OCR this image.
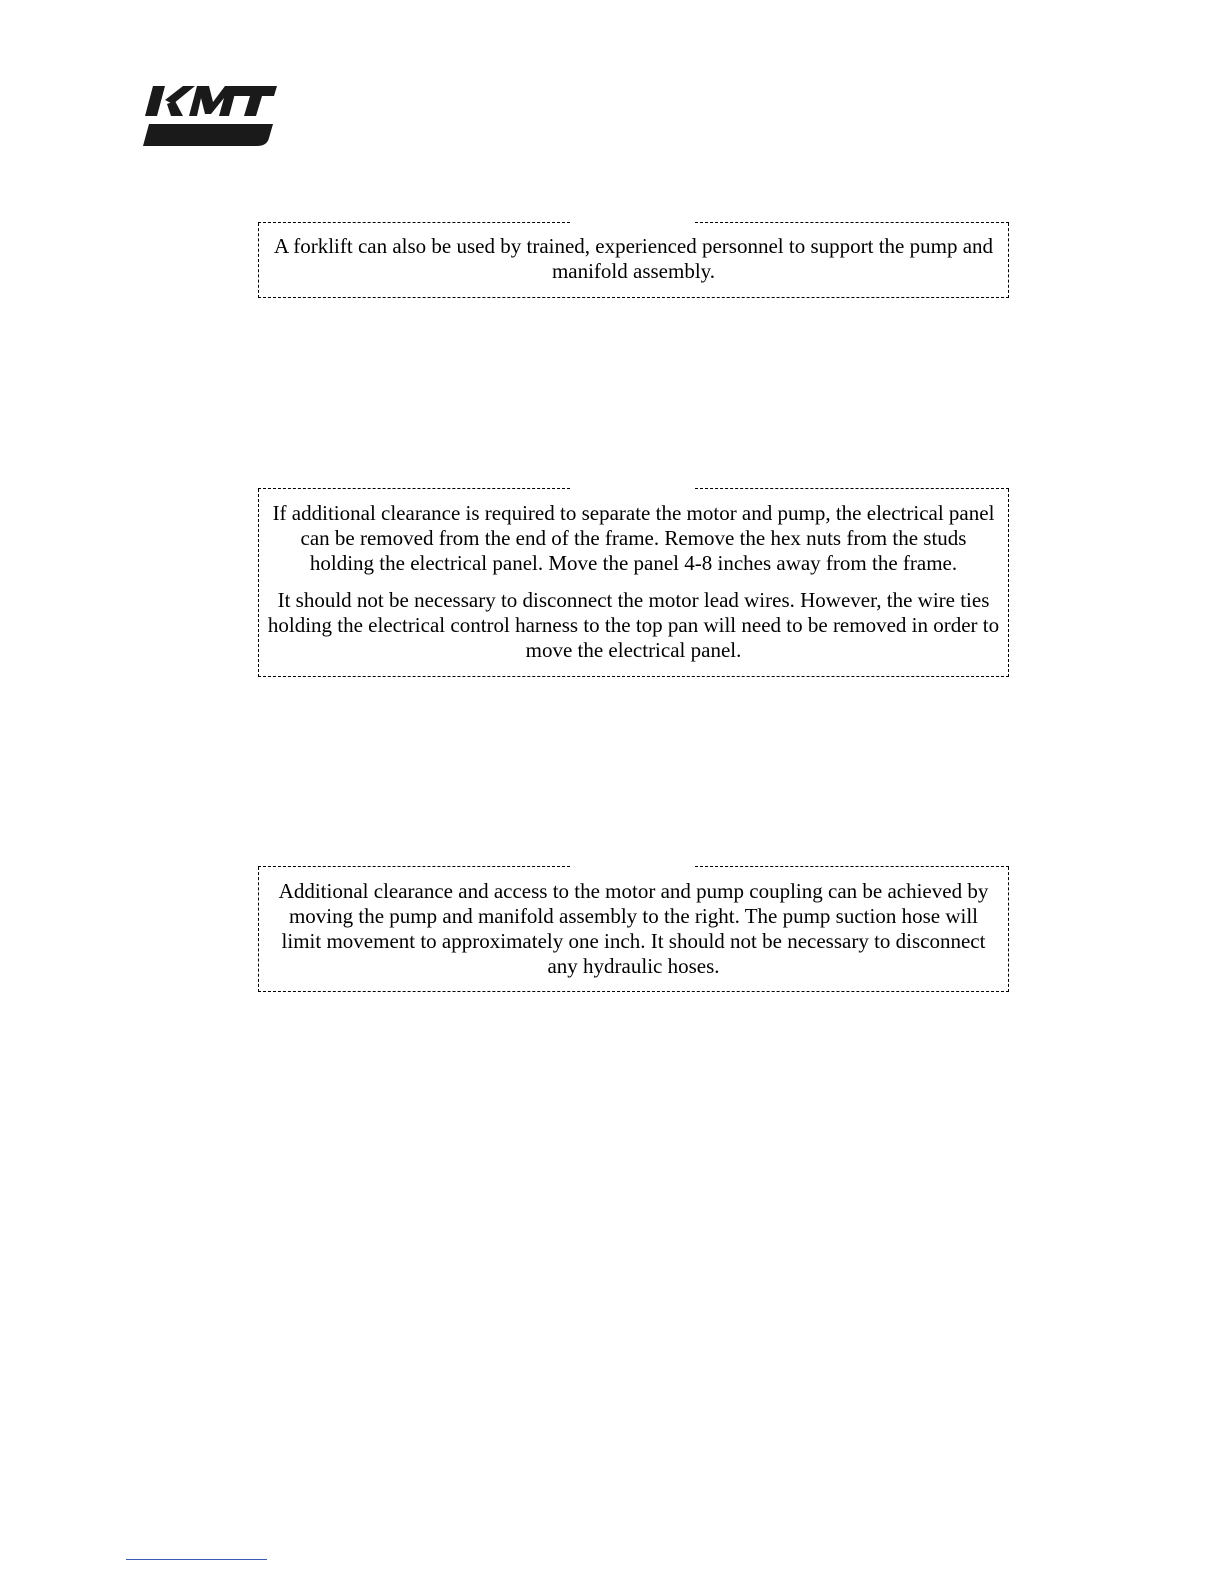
A forklift can also be used by trained, experienced personnel to support the pump and manifold assembly.

If additional clearance is required to separate the motor and pump, the electrical panel can be removed from the end of the frame. Remove the hex nuts from the studs holding the electrical panel. Move the panel 4-8 inches away from the frame.

It should not be necessary to disconnect the motor lead wires. However, the wire ties holding the electrical control harness to the top pan will need to be removed in order to move the electrical panel.

Additional clearance and access to the motor and pump coupling can be achieved by moving the pump and manifold assembly to the right. The pump suction hose will limit movement to approximately one inch. It should not be necessary to disconnect any hydraulic hoses.
